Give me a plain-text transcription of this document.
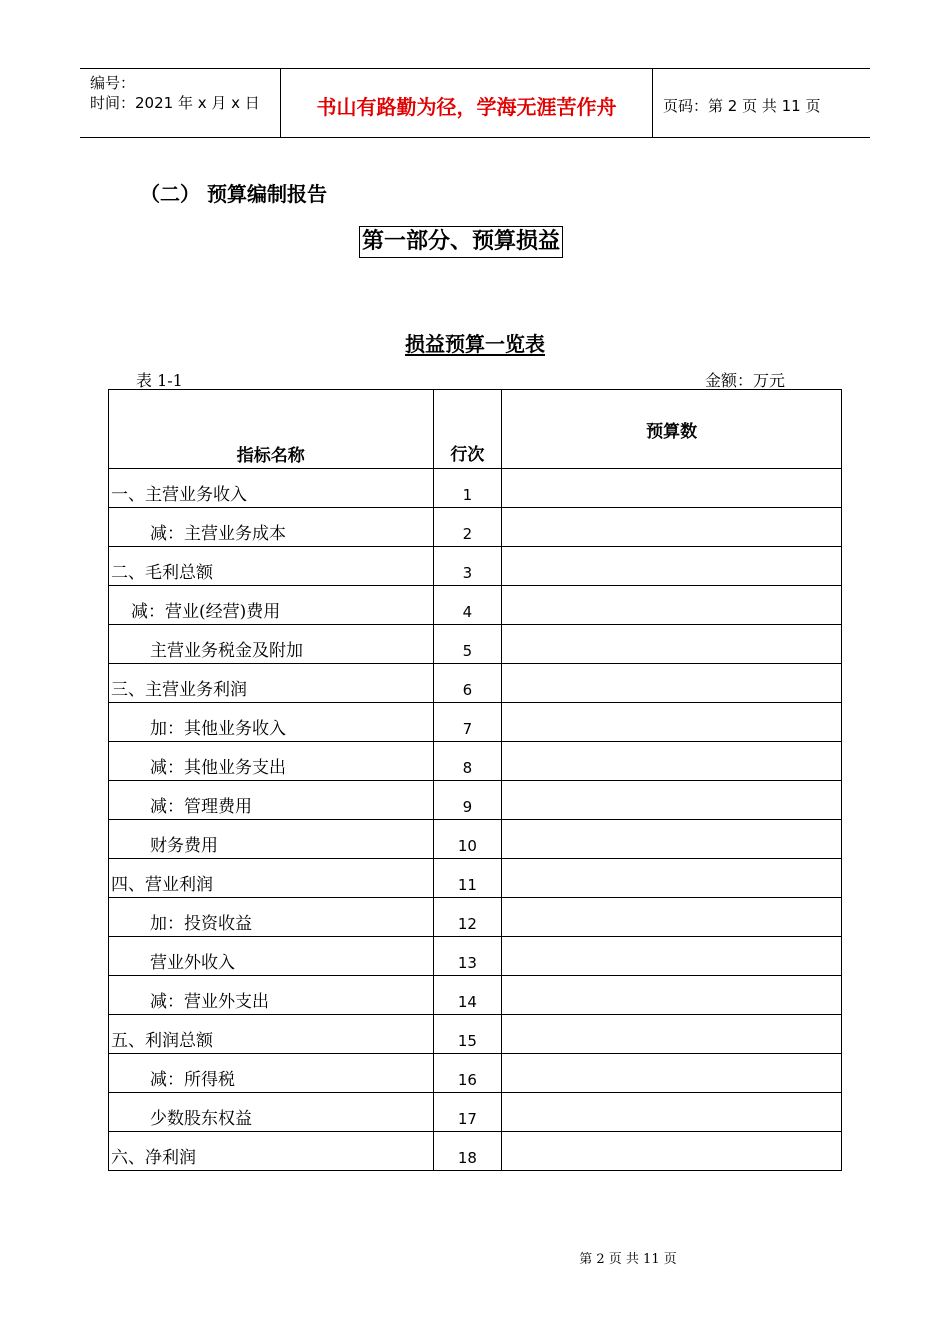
编号：
时间：2021 年 x 月 x 日	书山有路勤为径，学海无涯苦作舟	页码：第 2 页 共 11 页
（二） 预算编制报告
第一部分、预算损益
损益预算一览表
表 1-1	金额：万元
指标名称	行次	预算数
一、主营业务收入	1	
减：主营业务成本	2	
二、毛利总额	3	
减：营业(经营)费用	4	
主营业务税金及附加	5	
三、主营业务利润	6	
加：其他业务收入	7	
减：其他业务支出	8	
减：管理费用	9	
财务费用	10	
四、营业利润	11	
加：投资收益	12	
营业外收入	13	
减：营业外支出	14	
五、利润总额	15	
减：所得税	16	
少数股东权益	17	
六、净利润	18	
第 2 页 共 11 页
